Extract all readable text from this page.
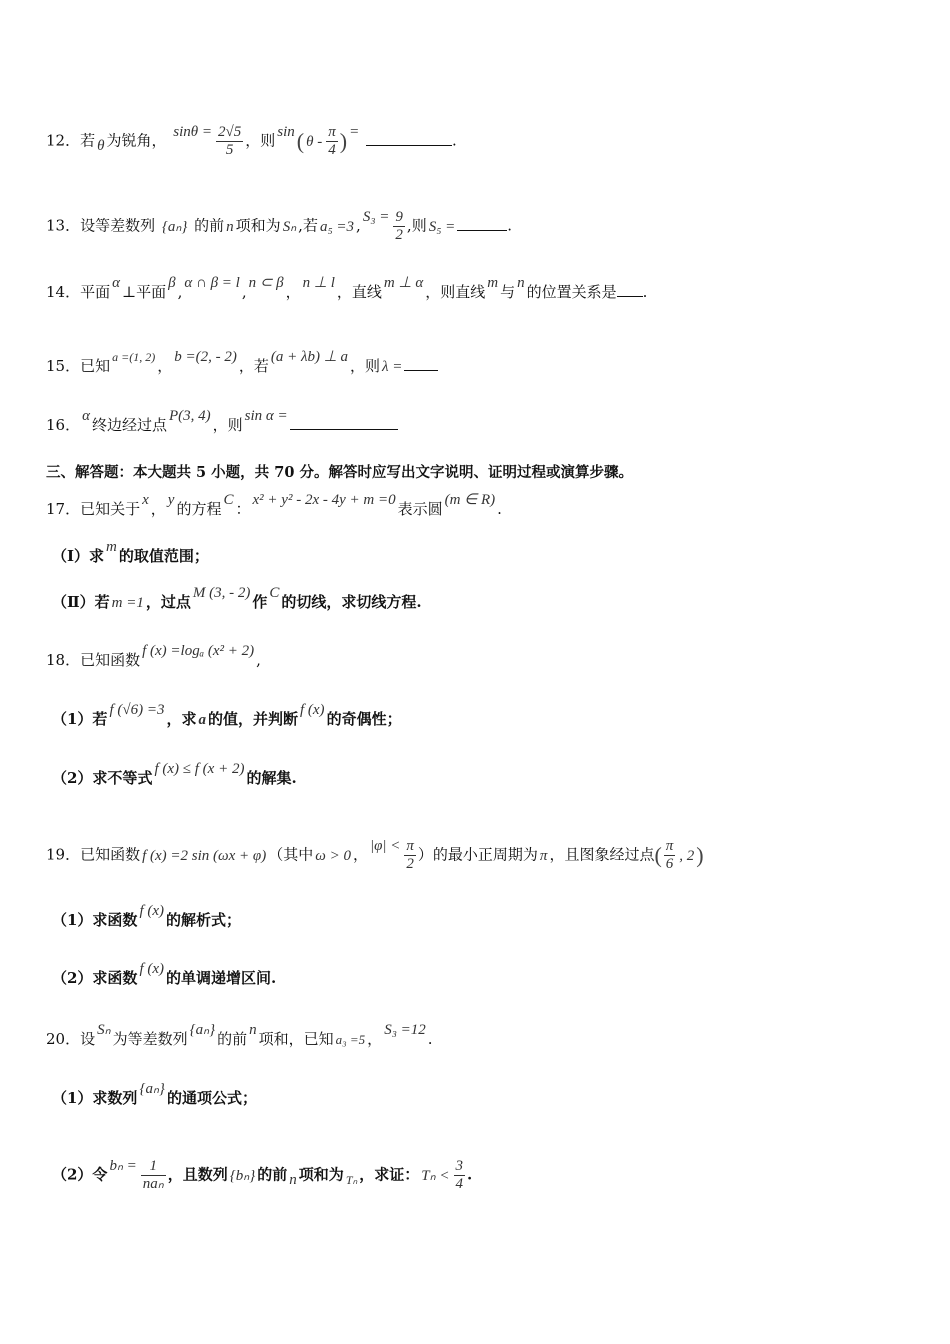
12．若 θ 为锐角， $\sin\theta = \frac{2√5}{5}$ ，则 sin( θ - $\frac{\pi}{4}$ ) =	.
13．设等差数列 {aₙ} 的前 n 项和为 Sₙ ,若 a₅ =3 , $S_3 = \frac{9}{2}$ ,则 S₅ =	.
14．平面 α ⊥平面 β , α ∩ β = l , n ⊂ β ， n ⊥ l ，直线 m ⊥ α ，则直线 m 与 n 的位置关系是 .
15．已知 $^{a =(1, 2)}$ ， b =(2, - 2) ，若 (a + λb) ⊥ a ，则 λ =
16． α 终边经过点 P(3, 4) ，则 sin α =
三、解答题：本大题共 5 小题，共 70 分。解答时应写出文字说明、证明过程或演算步骤。
17．已知关于 x ， y 的方程 C ： x² + y² - 2x - 4y + m =0 表示圆 (m ∈ R) .
（Ⅰ）求 m 的取值范围；
（Ⅱ）若 m =1 ，过点 M (3, - 2) 作 C 的切线，求切线方程.
18．已知函数 f (x) =logₐ (x² + 2) ,
（1）若 f (√6) =3 ，求 a 的值，并判断 f (x) 的奇偶性；
（2）求不等式 f (x) ≤ f (x + 2) 的解集.
19．已知函数 f (x) =2 sin (ωx + φ) （其中 ω > 0 ， $|\varphi| < \frac{\pi}{2}$ ）的最小正周期为 π ，且图象经过点( $\frac{\pi}{6}$ , 2)
（1）求函数 f (x) 的解析式；
（2）求函数 f (x) 的单调递增区间.
20．设 Sₙ 为等差数列 {aₙ} 的前 n 项和，已知 a₃ =5 ， S₃ =12 .
（1）求数列 {aₙ} 的通项公式；
（2）令 $b_n = \frac{1}{\text{naₙ}}$ ，且数列 {bₙ} 的前 n 项和为 $_{T_n}$ ，求证： $T_n < \frac{3}{4}$ .
